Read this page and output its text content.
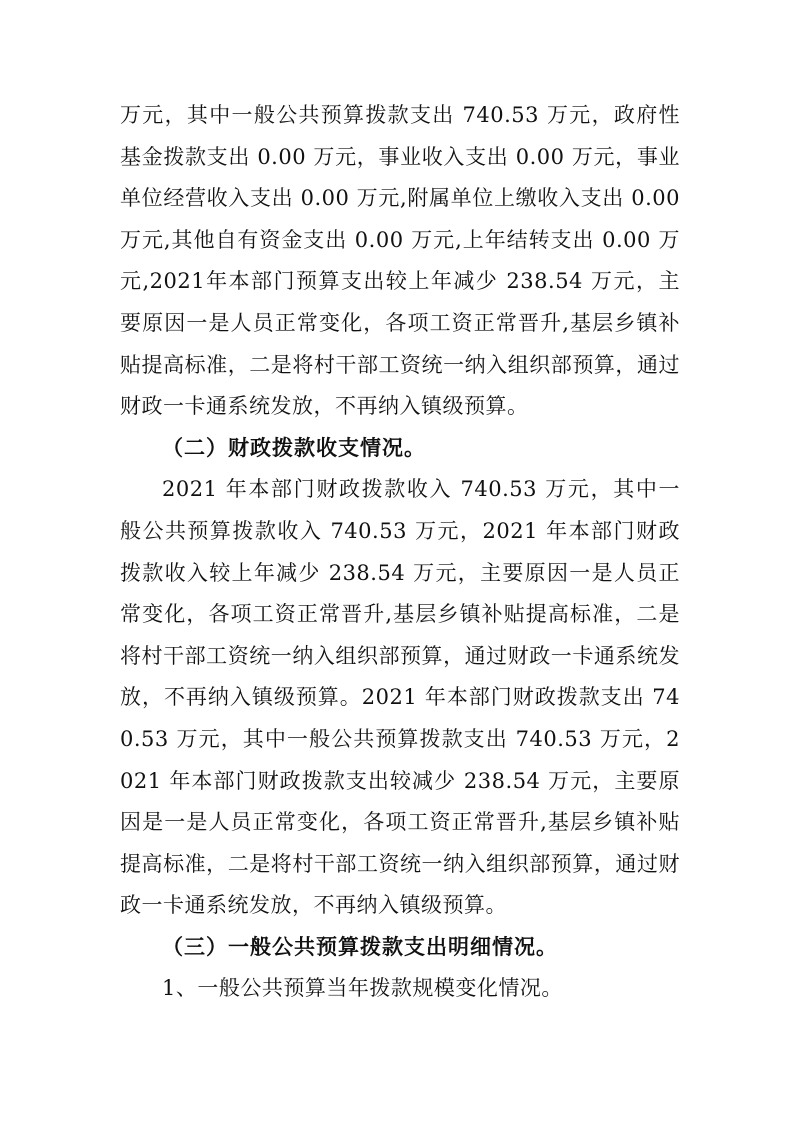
万元，其中一般公共预算拨款支出 740.53 万元，政府性基金拨款支出 0.00 万元，事业收入支出 0.00 万元，事业单位经营收入支出 0.00 万元,附属单位上缴收入支出 0.00 万元,其他自有资金支出 0.00 万元,上年结转支出 0.00 万元,2021年本部门预算支出较上年减少 238.54 万元，主要原因一是人员正常变化，各项工资正常晋升,基层乡镇补贴提高标准，二是将村干部工资统一纳入组织部预算，通过财政一卡通系统发放，不再纳入镇级预算。

（二）财政拨款收支情况。

2021 年本部门财政拨款收入 740.53 万元，其中一般公共预算拨款收入 740.53 万元，2021 年本部门财政拨款收入较上年减少 238.54 万元，主要原因一是人员正常变化，各项工资正常晋升,基层乡镇补贴提高标准，二是将村干部工资统一纳入组织部预算，通过财政一卡通系统发放，不再纳入镇级预算。2021 年本部门财政拨款支出 740.53 万元，其中一般公共预算拨款支出 740.53 万元，2021 年本部门财政拨款支出较减少 238.54 万元，主要原因是一是人员正常变化，各项工资正常晋升,基层乡镇补贴提高标准，二是将村干部工资统一纳入组织部预算，通过财政一卡通系统发放，不再纳入镇级预算。

（三）一般公共预算拨款支出明细情况。

1、一般公共预算当年拨款规模变化情况。
